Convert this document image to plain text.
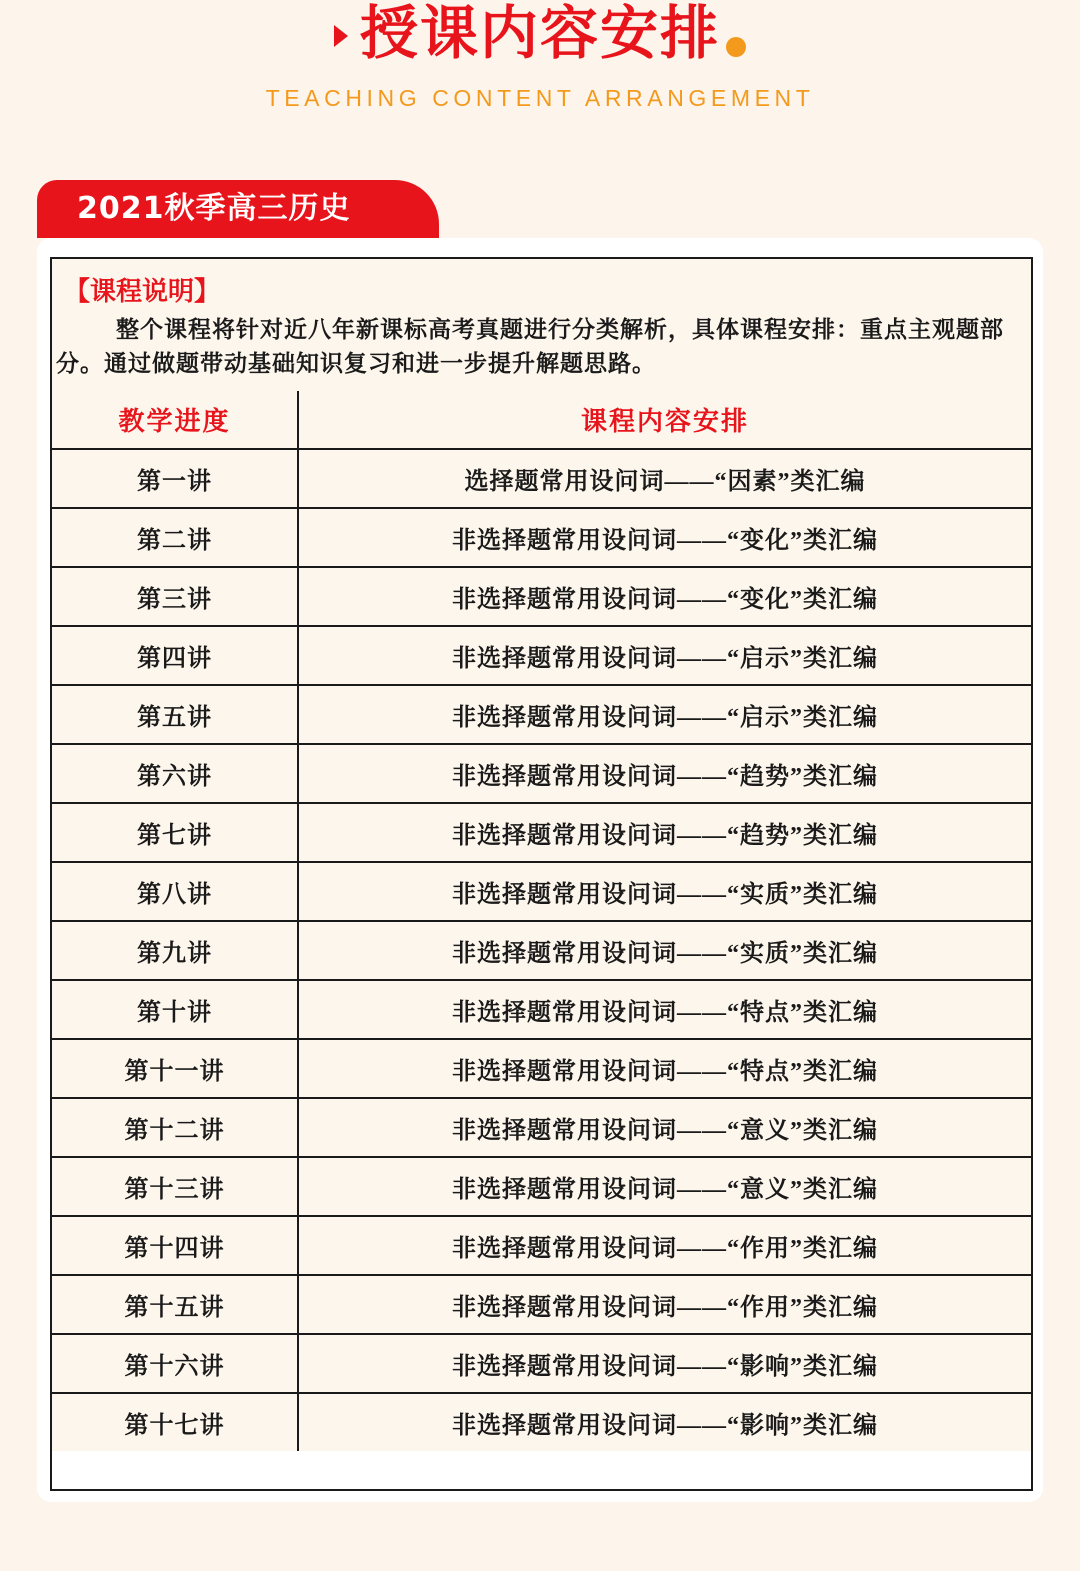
授课内容安排
TEACHING CONTENT ARRANGEMENT
2021秋季高三历史
【课程说明】
整个课程将针对近八年新课标高考真题进行分类解析，具体课程安排：重点主观题部分。通过做题带动基础知识复习和进一步提升解题思路。
教学进度	课程内容安排
第一讲	选择题常用设问词——“因素”类汇编
第二讲	非选择题常用设问词——“变化”类汇编
第三讲	非选择题常用设问词——“变化”类汇编
第四讲	非选择题常用设问词——“启示”类汇编
第五讲	非选择题常用设问词——“启示”类汇编
第六讲	非选择题常用设问词——“趋势”类汇编
第七讲	非选择题常用设问词——“趋势”类汇编
第八讲	非选择题常用设问词——“实质”类汇编
第九讲	非选择题常用设问词——“实质”类汇编
第十讲	非选择题常用设问词——“特点”类汇编
第十一讲	非选择题常用设问词——“特点”类汇编
第十二讲	非选择题常用设问词——“意义”类汇编
第十三讲	非选择题常用设问词——“意义”类汇编
第十四讲	非选择题常用设问词——“作用”类汇编
第十五讲	非选择题常用设问词——“作用”类汇编
第十六讲	非选择题常用设问词——“影响”类汇编
第十七讲	非选择题常用设问词——“影响”类汇编
